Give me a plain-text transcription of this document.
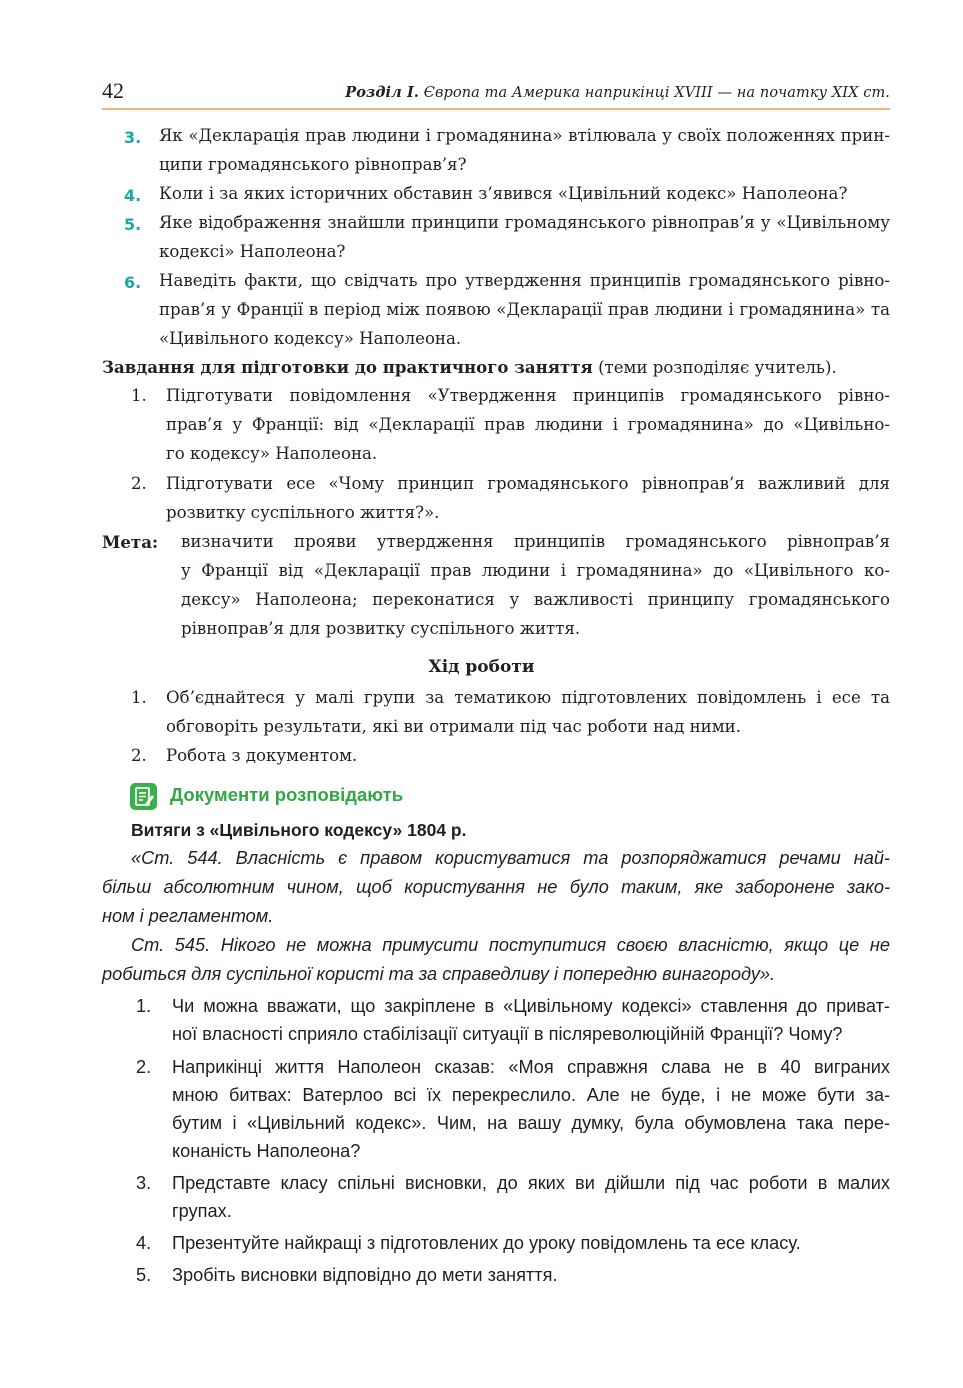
42	Розділ І. Європа та Америка наприкінці XVIII — на початку XIX ст.
3. Як «Декларація прав людини і громадянина» втілювала у своїх положеннях прин-
ципи громадянського рівноправ’я?
4. Коли і за яких історичних обставин з’явився «Цивільний кодекс» Наполеона?
5. Яке відображення знайшли принципи громадянського рівноправ’я у «Цивільному
кодексі» Наполеона?
6. Наведіть факти, що свідчать про утвердження принципів громадянського рівно-
прав’я у Франції в період між появою «Декларації прав людини і громадянина» та
«Цивільного кодексу» Наполеона.
Завдання для підготовки до практичного заняття (теми розподіляє учитель).
1. Підготувати повідомлення «Утвердження принципів громадянського рівно-
прав’я у Франції: від «Декларації прав людини і громадянина» до «Цивільно-
го кодексу» Наполеона.
2. Підготувати есе «Чому принцип громадянського рівноправ’я важливий для
розвитку суспільного життя?».
Мета: визначити прояви утвердження принципів громадянського рівноправ’я
у Франції від «Декларації прав людини і громадянина» до «Цивільного ко-
дексу» Наполеона; переконатися у важливості принципу громадянського
рівноправ’я для розвитку суспільного життя.
Хід роботи
1. Об’єднайтеся у малі групи за тематикою підготовлених повідомлень і есе та
обговоріть результати, які ви отримали під час роботи над ними.
2. Робота з документом.
Документи розповідають
Витяги з «Цивільного кодексу» 1804 р.
«Ст. 544. Власність є правом користуватися та розпоряджатися речами най-
більш абсолютним чином, щоб користування не було таким, яке заборонене зако-
ном і регламентом.
Ст. 545. Нікого не можна примусити поступитися своєю власністю, якщо це не
робиться для суспільної користі та за справедливу і попередню винагороду».
1. Чи можна вважати, що закріплене в «Цивільному кодексі» ставлення до приват-
ної власності сприяло стабілізації ситуації в післяреволюційній Франції? Чому?
2. Наприкінці життя Наполеон сказав: «Моя справжня слава не в 40 виграних
мною битвах: Ватерлоо всі їх перекреслило. Але не буде, і не може бути за-
бутим і «Цивільний кодекс». Чим, на вашу думку, була обумовлена така пере-
конаність Наполеона?
3. Представте класу спільні висновки, до яких ви дійшли під час роботи в малих
групах.
4. Презентуйте найкращі з підготовлених до уроку повідомлень та есе класу.
5. Зробіть висновки відповідно до мети заняття.
